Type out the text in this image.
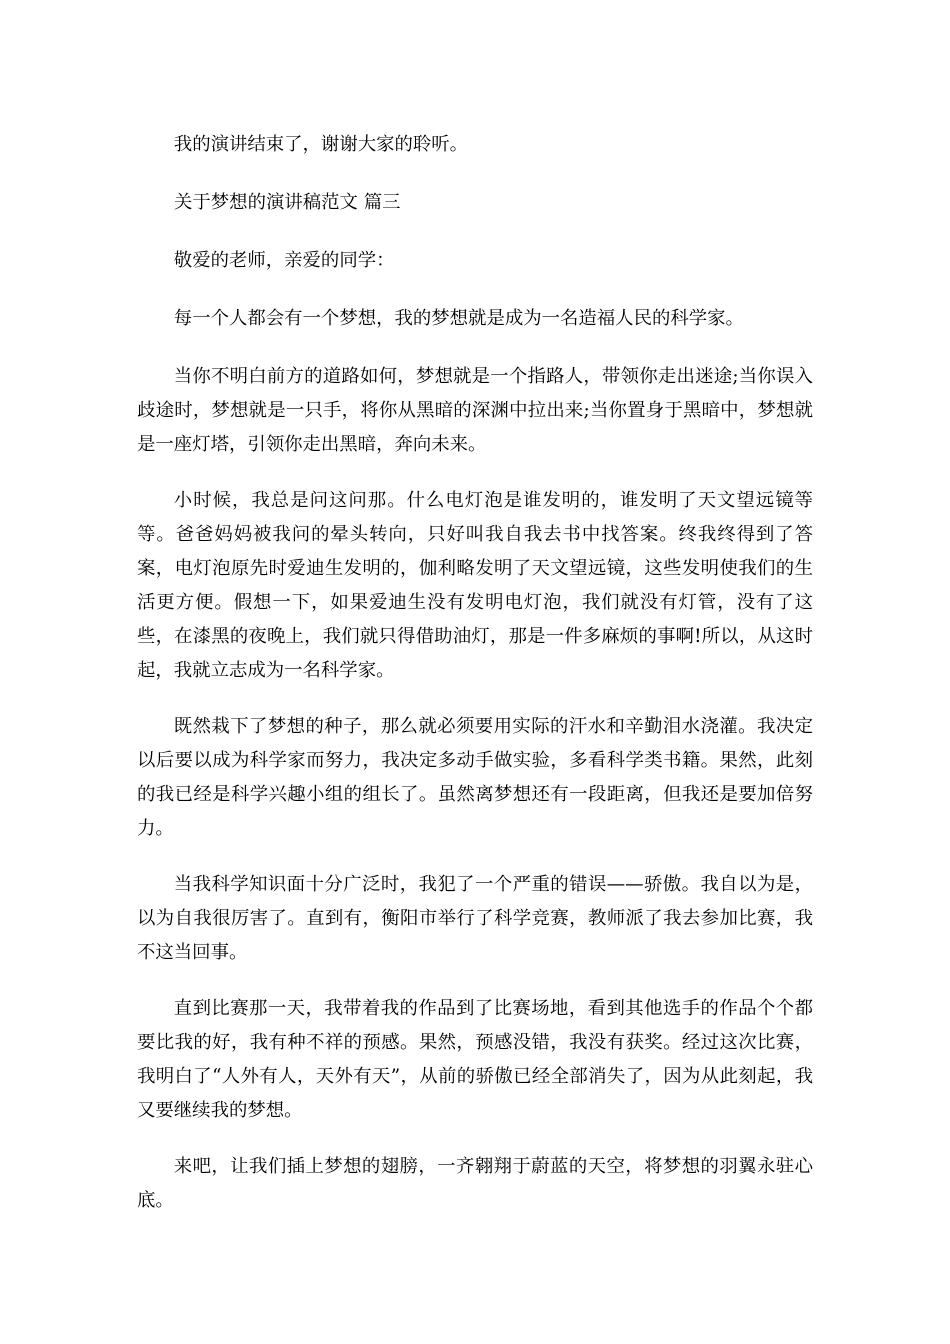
我的演讲结束了，谢谢大家的聆听。

关于梦想的演讲稿范文 篇三

敬爱的老师，亲爱的同学：

每一个人都会有一个梦想，我的梦想就是成为一名造福人民的科学家。

当你不明白前方的道路如何，梦想就是一个指路人，带领你走出迷途;当你误入歧途时，梦想就是一只手，将你从黑暗的深渊中拉出来;当你置身于黑暗中，梦想就是一座灯塔，引领你走出黑暗，奔向未来。

小时候，我总是问这问那。什么电灯泡是谁发明的，谁发明了天文望远镜等等。爸爸妈妈被我问的晕头转向，只好叫我自我去书中找答案。终我终得到了答案，电灯泡原先时爱迪生发明的，伽利略发明了天文望远镜，这些发明使我们的生活更方便。假想一下，如果爱迪生没有发明电灯泡，我们就没有灯管，没有了这些，在漆黑的夜晚上，我们就只得借助油灯，那是一件多麻烦的事啊!所以，从这时起，我就立志成为一名科学家。

既然栽下了梦想的种子，那么就必须要用实际的汗水和辛勤泪水浇灌。我决定以后要以成为科学家而努力，我决定多动手做实验，多看科学类书籍。果然，此刻的我已经是科学兴趣小组的组长了。虽然离梦想还有一段距离，但我还是要加倍努力。

当我科学知识面十分广泛时，我犯了一个严重的错误——骄傲。我自以为是，以为自我很厉害了。直到有，衡阳市举行了科学竞赛，教师派了我去参加比赛，我不这当回事。

直到比赛那一天，我带着我的作品到了比赛场地，看到其他选手的作品个个都要比我的好，我有种不祥的预感。果然，预感没错，我没有获奖。经过这次比赛，我明白了“人外有人，天外有天”，从前的骄傲已经全部消失了，因为从此刻起，我又要继续我的梦想。

来吧，让我们插上梦想的翅膀，一齐翱翔于蔚蓝的天空，将梦想的羽翼永驻心底。
